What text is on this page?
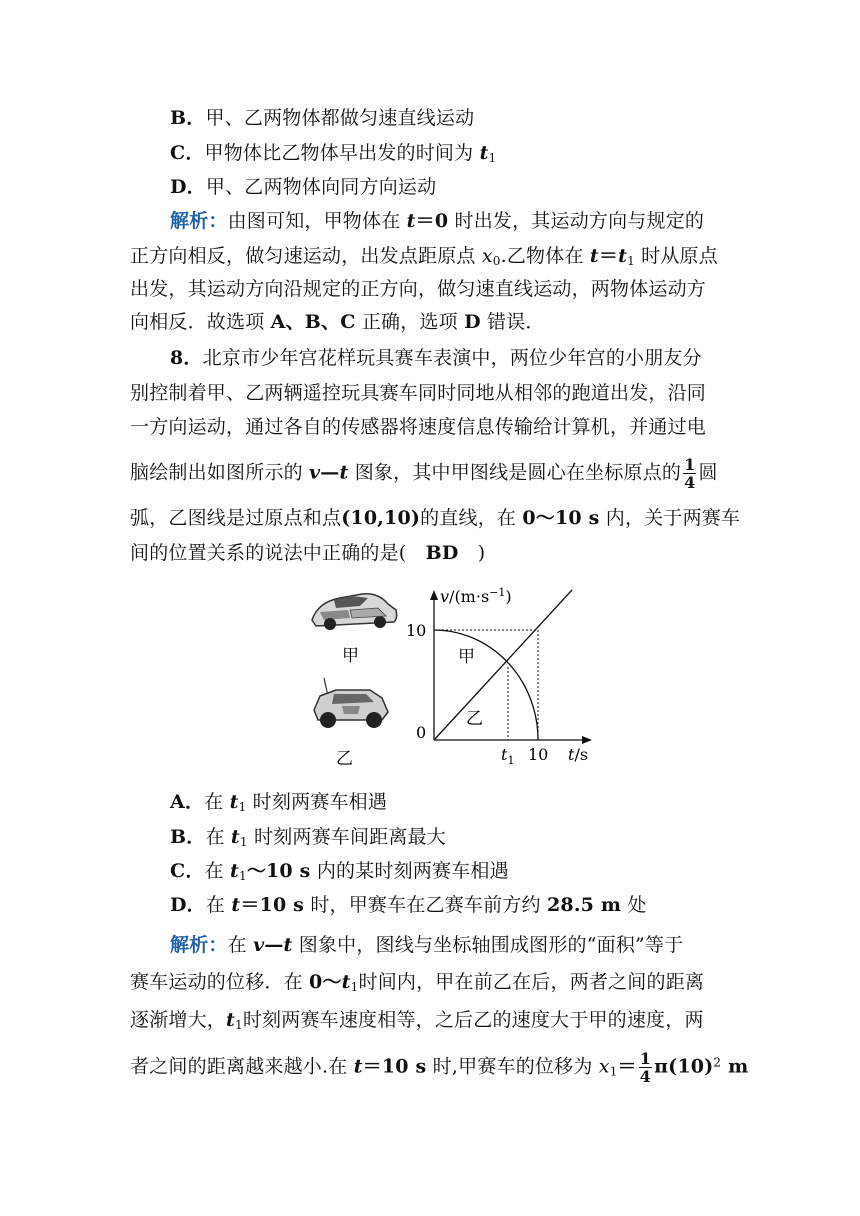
B．甲、乙两物体都做匀速直线运动
C．甲物体比乙物体早出发的时间为 $t_1$
D．甲、乙两物体向同方向运动
解析：由图可知，甲物体在 t＝0 时出发，其运动方向与规定的
正方向相反，做匀速运动，出发点距原点 $x_0$.乙物体在 $t=t_1$ 时从原点
出发，其运动方向沿规定的正方向，做匀速直线运动，两物体运动方
向相反．故选项 A、B、C 正确，选项 D 错误．
8．北京市少年宫花样玩具赛车表演中，两位少年宫的小朋友分
别控制着甲、乙两辆遥控玩具赛车同时同地从相邻的跑道出发，沿同
一方向运动，通过各自的传感器将速度信息传输给计算机，并通过电
脑绘制出如图所示的 v—t 图象，其中甲图线是圆心在坐标原点的 $\frac{1}{4}$ 圆
弧，乙图线是过原点和点(10,10)的直线，在 0～10 s 内，关于两赛车
间的位置关系的说法中正确的是(　BD　)
甲
乙
$v/(m\cdot s^{-1})$
10
0
$t_1$ 10 t/s
甲
乙
A．在 $t_1$ 时刻两赛车相遇
B．在 $t_1$ 时刻两赛车间距离最大
C．在 $t_1\sim 10$ s 内的某时刻两赛车相遇
D．在 t＝10 s 时，甲赛车在乙赛车前方约 28.5 m 处
解析：在 v—t 图象中，图线与坐标轴围成图形的“面积”等于
赛车运动的位移．在 $0\sim t_1$时间内，甲在前乙在后，两者之间的距离
逐渐增大，$t_1$时刻两赛车速度相等，之后乙的速度大于甲的速度，两
者之间的距离越来越小.在 t＝10 s 时,甲赛车的位移为 $x_1= \frac{1}{4} \pi(10)^2$ m
